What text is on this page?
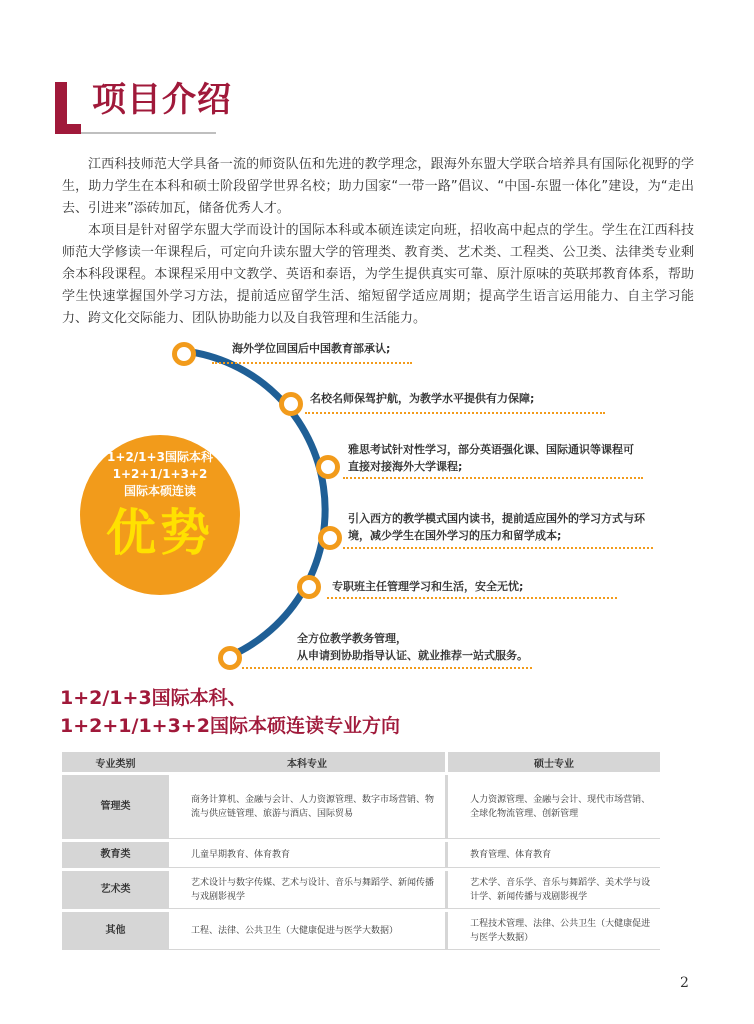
项目介绍
江西科技师范大学具备一流的师资队伍和先进的教学理念，跟海外东盟大学联合培养具有国际化视野的学生，助力学生在本科和硕士阶段留学世界名校；助力国家“一带一路”倡议、“中国-东盟一体化”建设，为“走出去、引进来”添砖加瓦，储备优秀人才。
本项目是针对留学东盟大学而设计的国际本科或本硕连读定向班，招收高中起点的学生。学生在江西科技师范大学修读一年课程后，可定向升读东盟大学的管理类、教育类、艺术类、工程类、公卫类、法律类专业剩余本科段课程。本课程采用中文教学、英语和泰语，为学生提供真实可靠、原汁原味的英联邦教育体系，帮助学生快速掌握国外学习方法，提前适应留学生活、缩短留学适应周期；提高学生语言运用能力、自主学习能力、跨文化交际能力、团队协助能力以及自我管理和生活能力。
1+2/1+3国际本科
1+2+1/1+3+2
国际本硕连读
优势
海外学位回国后中国教育部承认;
名校名师保驾护航，为教学水平提供有力保障;
雅思考试针对性学习，部分英语强化课、国际通识等课程可
直接对接海外大学课程;
引入西方的教学模式国内读书，提前适应国外的学习方式与环
境，减少学生在国外学习的压力和留学成本;
专职班主任管理学习和生活，安全无忧;
全方位教学教务管理，
从申请到协助指导认证、就业推荐一站式服务。
1+2/1+3国际本科、
1+2+1/1+3+2国际本硕连读专业方向
专业类别	本科专业	硕士专业
管理类	商务计算机、金融与会计、人力资源管理、数字市场营销、物流与供应链管理、旅游与酒店、国际贸易	人力资源管理、金融与会计、现代市场营销、全球化物流管理、创新管理
教育类	儿童早期教育、体育教育	教育管理、体育教育
艺术类	艺术设计与数字传媒、艺术与设计、音乐与舞蹈学、新闻传播与戏剧影视学	艺术学、音乐学、音乐与舞蹈学、美术学与设计学、新闻传播与戏剧影视学
其他	工程、法律、公共卫生（大健康促进与医学大数据）	工程技术管理、法律、公共卫生（大健康促进与医学大数据）
2
